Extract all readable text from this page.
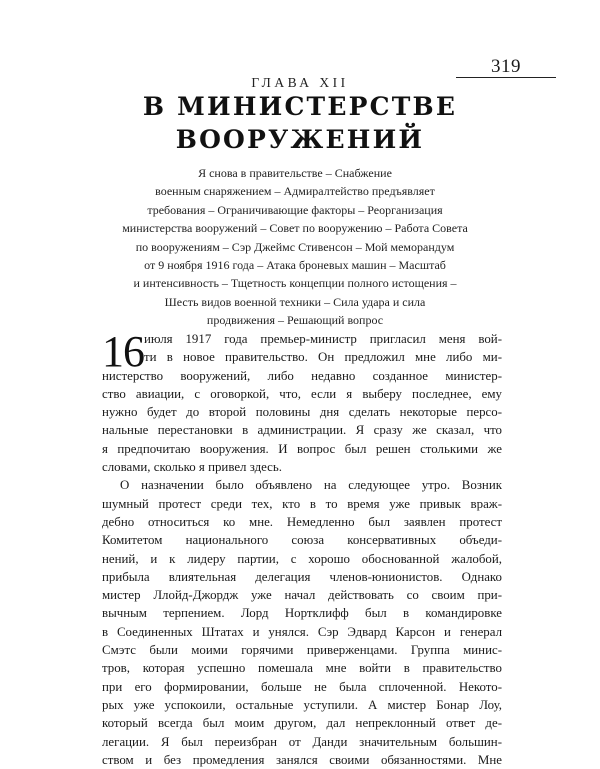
319
ГЛАВА XII
В МИНИСТЕРСТВЕ
ВООРУЖЕНИЙ
Я снова в правительстве – Снабжение
военным снаряжением – Адмиралтейство предъявляет
требования – Ограничивающие факторы – Реорганизация
министерства вооружений – Совет по вооружению – Работа Совета
по вооружениям – Сэр Джеймс Стивенсон – Мой меморандум
от 9 ноября 1916 года – Атака броневых машин – Масштаб
и интенсивность – Тщетность концепции полного истощения –
Шесть видов военной техники – Сила удара и сила
продвижения – Решающий вопрос
16 июля 1917 года премьер-министр пригласил меня вой-
ти в новое правительство. Он предложил мне либо ми-
нистерство вооружений, либо недавно созданное министер-
ство авиации, с оговоркой, что, если я выберу последнее, ему
нужно будет до второй половины дня сделать некоторые персо-
нальные перестановки в администрации. Я сразу же сказал, что
я предпочитаю вооружения. И вопрос был решен столькими же
словами, сколько я привел здесь.
О назначении было объявлено на следующее утро. Возник
шумный протест среди тех, кто в то время уже привык враж-
дебно относиться ко мне. Немедленно был заявлен протест
Комитетом национального союза консервативных объеди-
нений, и к лидеру партии, с хорошо обоснованной жалобой,
прибыла влиятельная делегация членов-юнионистов. Однако
мистер Ллойд-Джордж уже начал действовать со своим при-
вычным терпением. Лорд Нортклифф был в командировке
в Соединенных Штатах и унялся. Сэр Эдвард Карсон и генерал
Смэтс были моими горячими приверженцами. Группа минис-
тров, которая успешно помешала мне войти в правительство
при его формировании, больше не была сплоченной. Некото-
рых уже успокоили, остальные уступили. А мистер Бонар Лоу,
который всегда был моим другом, дал непреклонный ответ де-
легации. Я был переизбран от Данди значительным большин-
ством и без промедления занялся своими обязанностями. Мне
